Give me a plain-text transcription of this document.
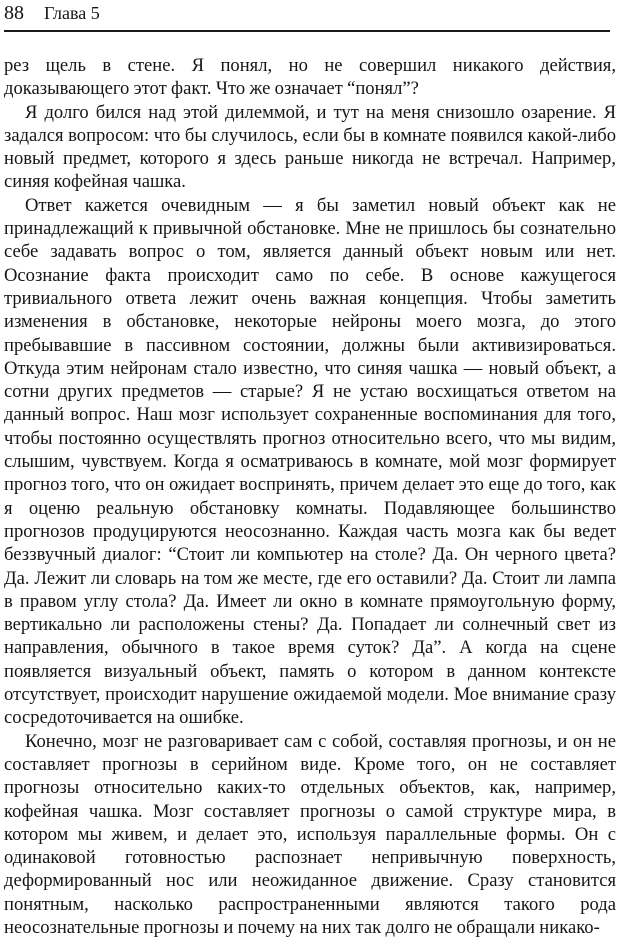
88 Глава 5

рез щель в стене. Я понял, но не совершил никакого действия, доказывающего этот факт. Что же означает “понял”?

Я долго бился над этой дилеммой, и тут на меня снизошло озарение. Я задался вопросом: что бы случилось, если бы в комнате появился какой-либо новый предмет, которого я здесь раньше никогда не встречал. Например, синяя кофейная чашка.

Ответ кажется очевидным — я бы заметил новый объект как не принадлежащий к привычной обстановке. Мне не пришлось бы сознательно себе задавать вопрос о том, является данный объект новым или нет. Осознание факта происходит само по себе. В основе кажущегося тривиального ответа лежит очень важная концепция. Чтобы заметить изменения в обстановке, некоторые нейроны моего мозга, до этого пребывавшие в пассивном состоянии, должны были активизироваться. Откуда этим нейронам стало известно, что синяя чашка — новый объект, а сотни других предметов — старые? Я не устаю восхищаться ответом на данный вопрос. Наш мозг использует сохраненные воспоминания для того, чтобы постоянно осуществлять прогноз относительно всего, что мы видим, слышим, чувствуем. Когда я осматриваюсь в комнате, мой мозг формирует прогноз того, что он ожидает воспринять, причем делает это еще до того, как я оценю реальную обстановку комнаты. Подавляющее большинство прогнозов продуцируются неосознанно. Каждая часть мозга как бы ведет беззвучный диалог: “Стоит ли компьютер на столе? Да. Он черного цвета? Да. Лежит ли словарь на том же месте, где его оставили? Да. Стоит ли лампа в правом углу стола? Да. Имеет ли окно в комнате прямоугольную форму, вертикально ли расположены стены? Да. Попадает ли солнечный свет из направления, обычного в такое время суток? Да”. А когда на сцене появляется визуальный объект, память о котором в данном контексте отсутствует, происходит нарушение ожидаемой модели. Мое внимание сразу сосредоточивается на ошибке.

Конечно, мозг не разговаривает сам с собой, составляя прогнозы, и он не составляет прогнозы в серийном виде. Кроме того, он не составляет прогнозы относительно каких-то отдельных объектов, как, например, кофейная чашка. Мозг составляет прогнозы о самой структуре мира, в котором мы живем, и делает это, используя параллельные формы. Он с одинаковой готовностью распознает непривычную поверхность, деформированный нос или неожиданное движение. Сразу становится понятным, насколько распространенными являются такого рода неосознательные прогнозы и почему на них так долго не обращали никако-
